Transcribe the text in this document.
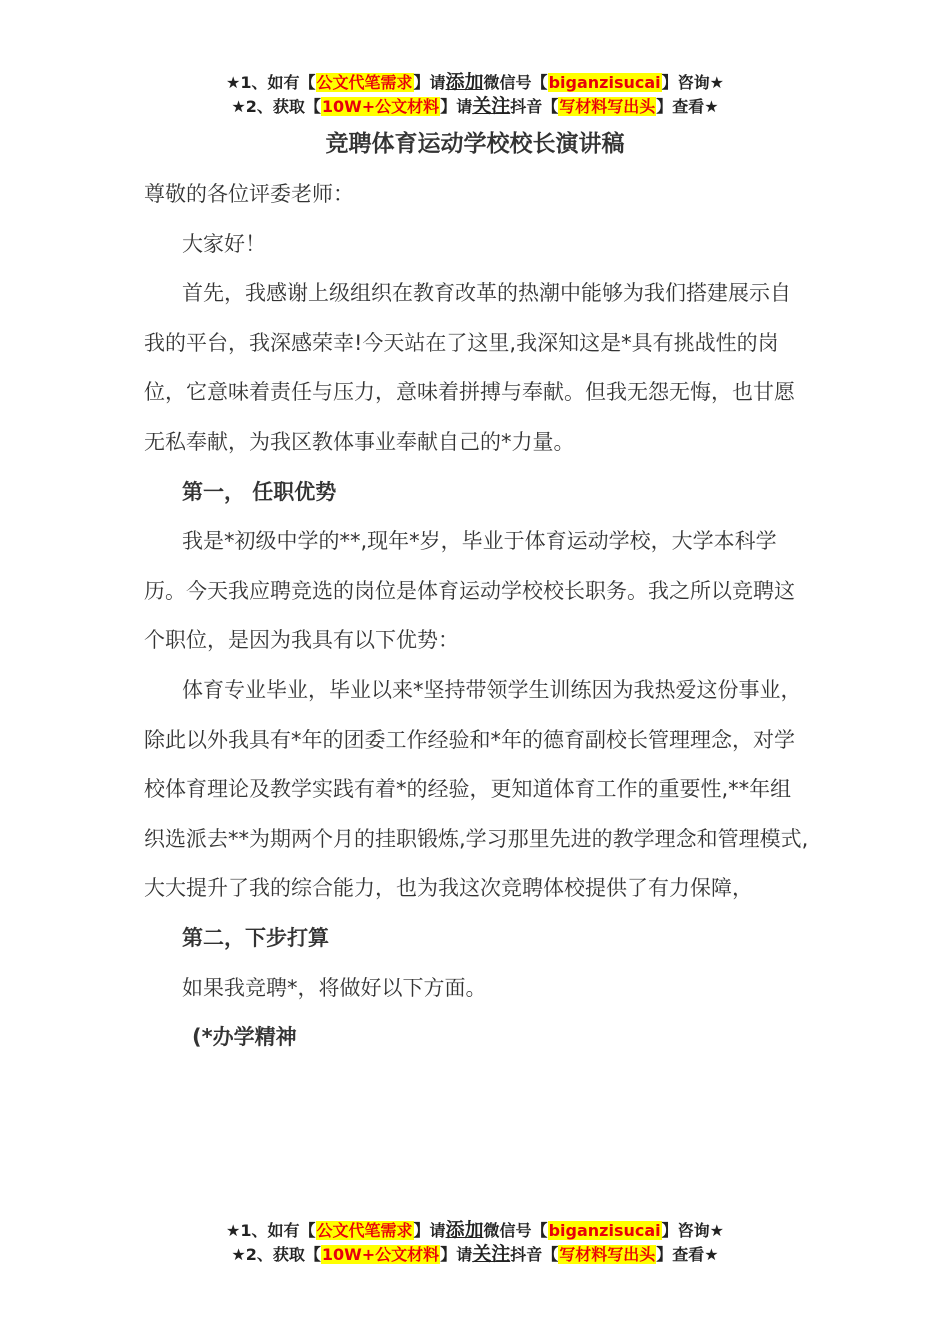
★1、如有【公文代笔需求】请添加微信号【biganzisucai】咨询★
★2、获取【10W+公文材料】请关注抖音【写材料写出头】查看★
竞聘体育运动学校校长演讲稿

尊敬的各位评委老师：

大家好！

首先，我感谢上级组织在教育改革的热潮中能够为我们搭建展示自我的平台，我深感荣幸!今天站在了这里,我深知这是*具有挑战性的岗位，它意味着责任与压力，意味着拼搏与奉献。但我无怨无悔，也甘愿无私奉献，为我区教体事业奉献自己的*力量。

第一， 任职优势

我是*初级中学的**,现年*岁，毕业于体育运动学校，大学本科学历。今天我应聘竞选的岗位是体育运动学校校长职务。我之所以竞聘这个职位，是因为我具有以下优势：

体育专业毕业，毕业以来*坚持带领学生训练因为我热爱这份事业，除此以外我具有*年的团委工作经验和*年的德育副校长管理理念，对学校体育理论及教学实践有着*的经验，更知道体育工作的重要性,**年组织选派去**为期两个月的挂职锻炼,学习那里先进的教学理念和管理模式,大大提升了我的综合能力，也为我这次竞聘体校提供了有力保障，

第二，下步打算

如果我竞聘*，将做好以下方面。

(*办学精神

★1、如有【公文代笔需求】请添加微信号【biganzisucai】咨询★
★2、获取【10W+公文材料】请关注抖音【写材料写出头】查看★
